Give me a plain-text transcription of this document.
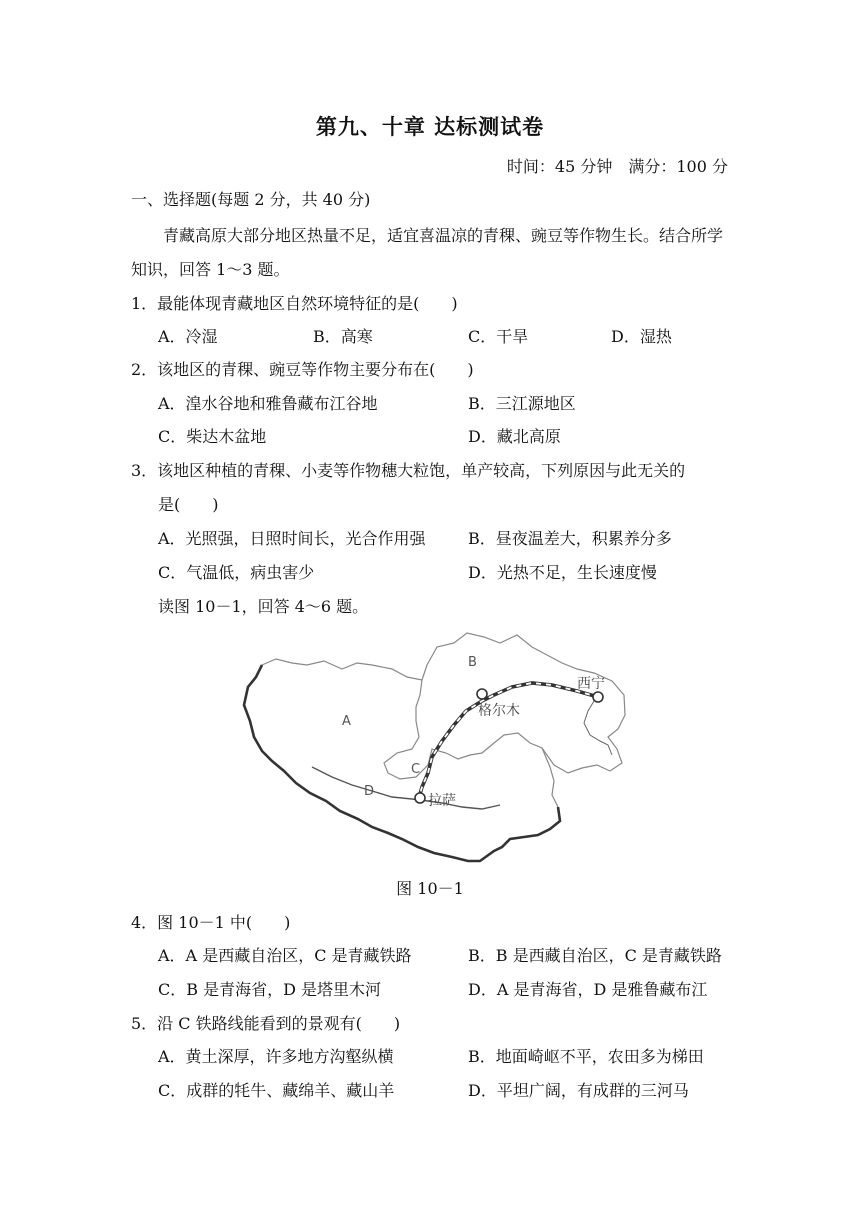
第九、十章 达标测试卷
时间：45 分钟　满分：100 分
一、选择题(每题 2 分，共 40 分)
青藏高原大部分地区热量不足，适宜喜温凉的青稞、豌豆等作物生长。结合所学知识，回答 1～3 题。
1．最能体现青藏地区自然环境特征的是(　　)
A．冷湿	B．高寒	C．干旱	D．湿热
2．该地区的青稞、豌豆等作物主要分布在(　　)
A．湟水谷地和雅鲁藏布江谷地	B．三江源地区
C．柴达木盆地	D．藏北高原
3．该地区种植的青稞、小麦等作物穗大粒饱，单产较高，下列原因与此无关的
是(　　)
A．光照强，日照时间长，光合作用强	B．昼夜温差大，积累养分多
C．气温低，病虫害少	D．光热不足，生长速度慢
读图 10－1，回答 4～6 题。
A
B
C
D
西宁
格尔木
拉萨
图 10－1
4．图 10－1 中(　　)
A．A 是西藏自治区，C 是青藏铁路	B．B 是西藏自治区，C 是青藏铁路
C．B 是青海省，D 是塔里木河	D．A 是青海省，D 是雅鲁藏布江
5．沿 C 铁路线能看到的景观有(　　)
A．黄土深厚，许多地方沟壑纵横	B．地面崎岖不平，农田多为梯田
C．成群的牦牛、藏绵羊、藏山羊	D．平坦广阔，有成群的三河马
